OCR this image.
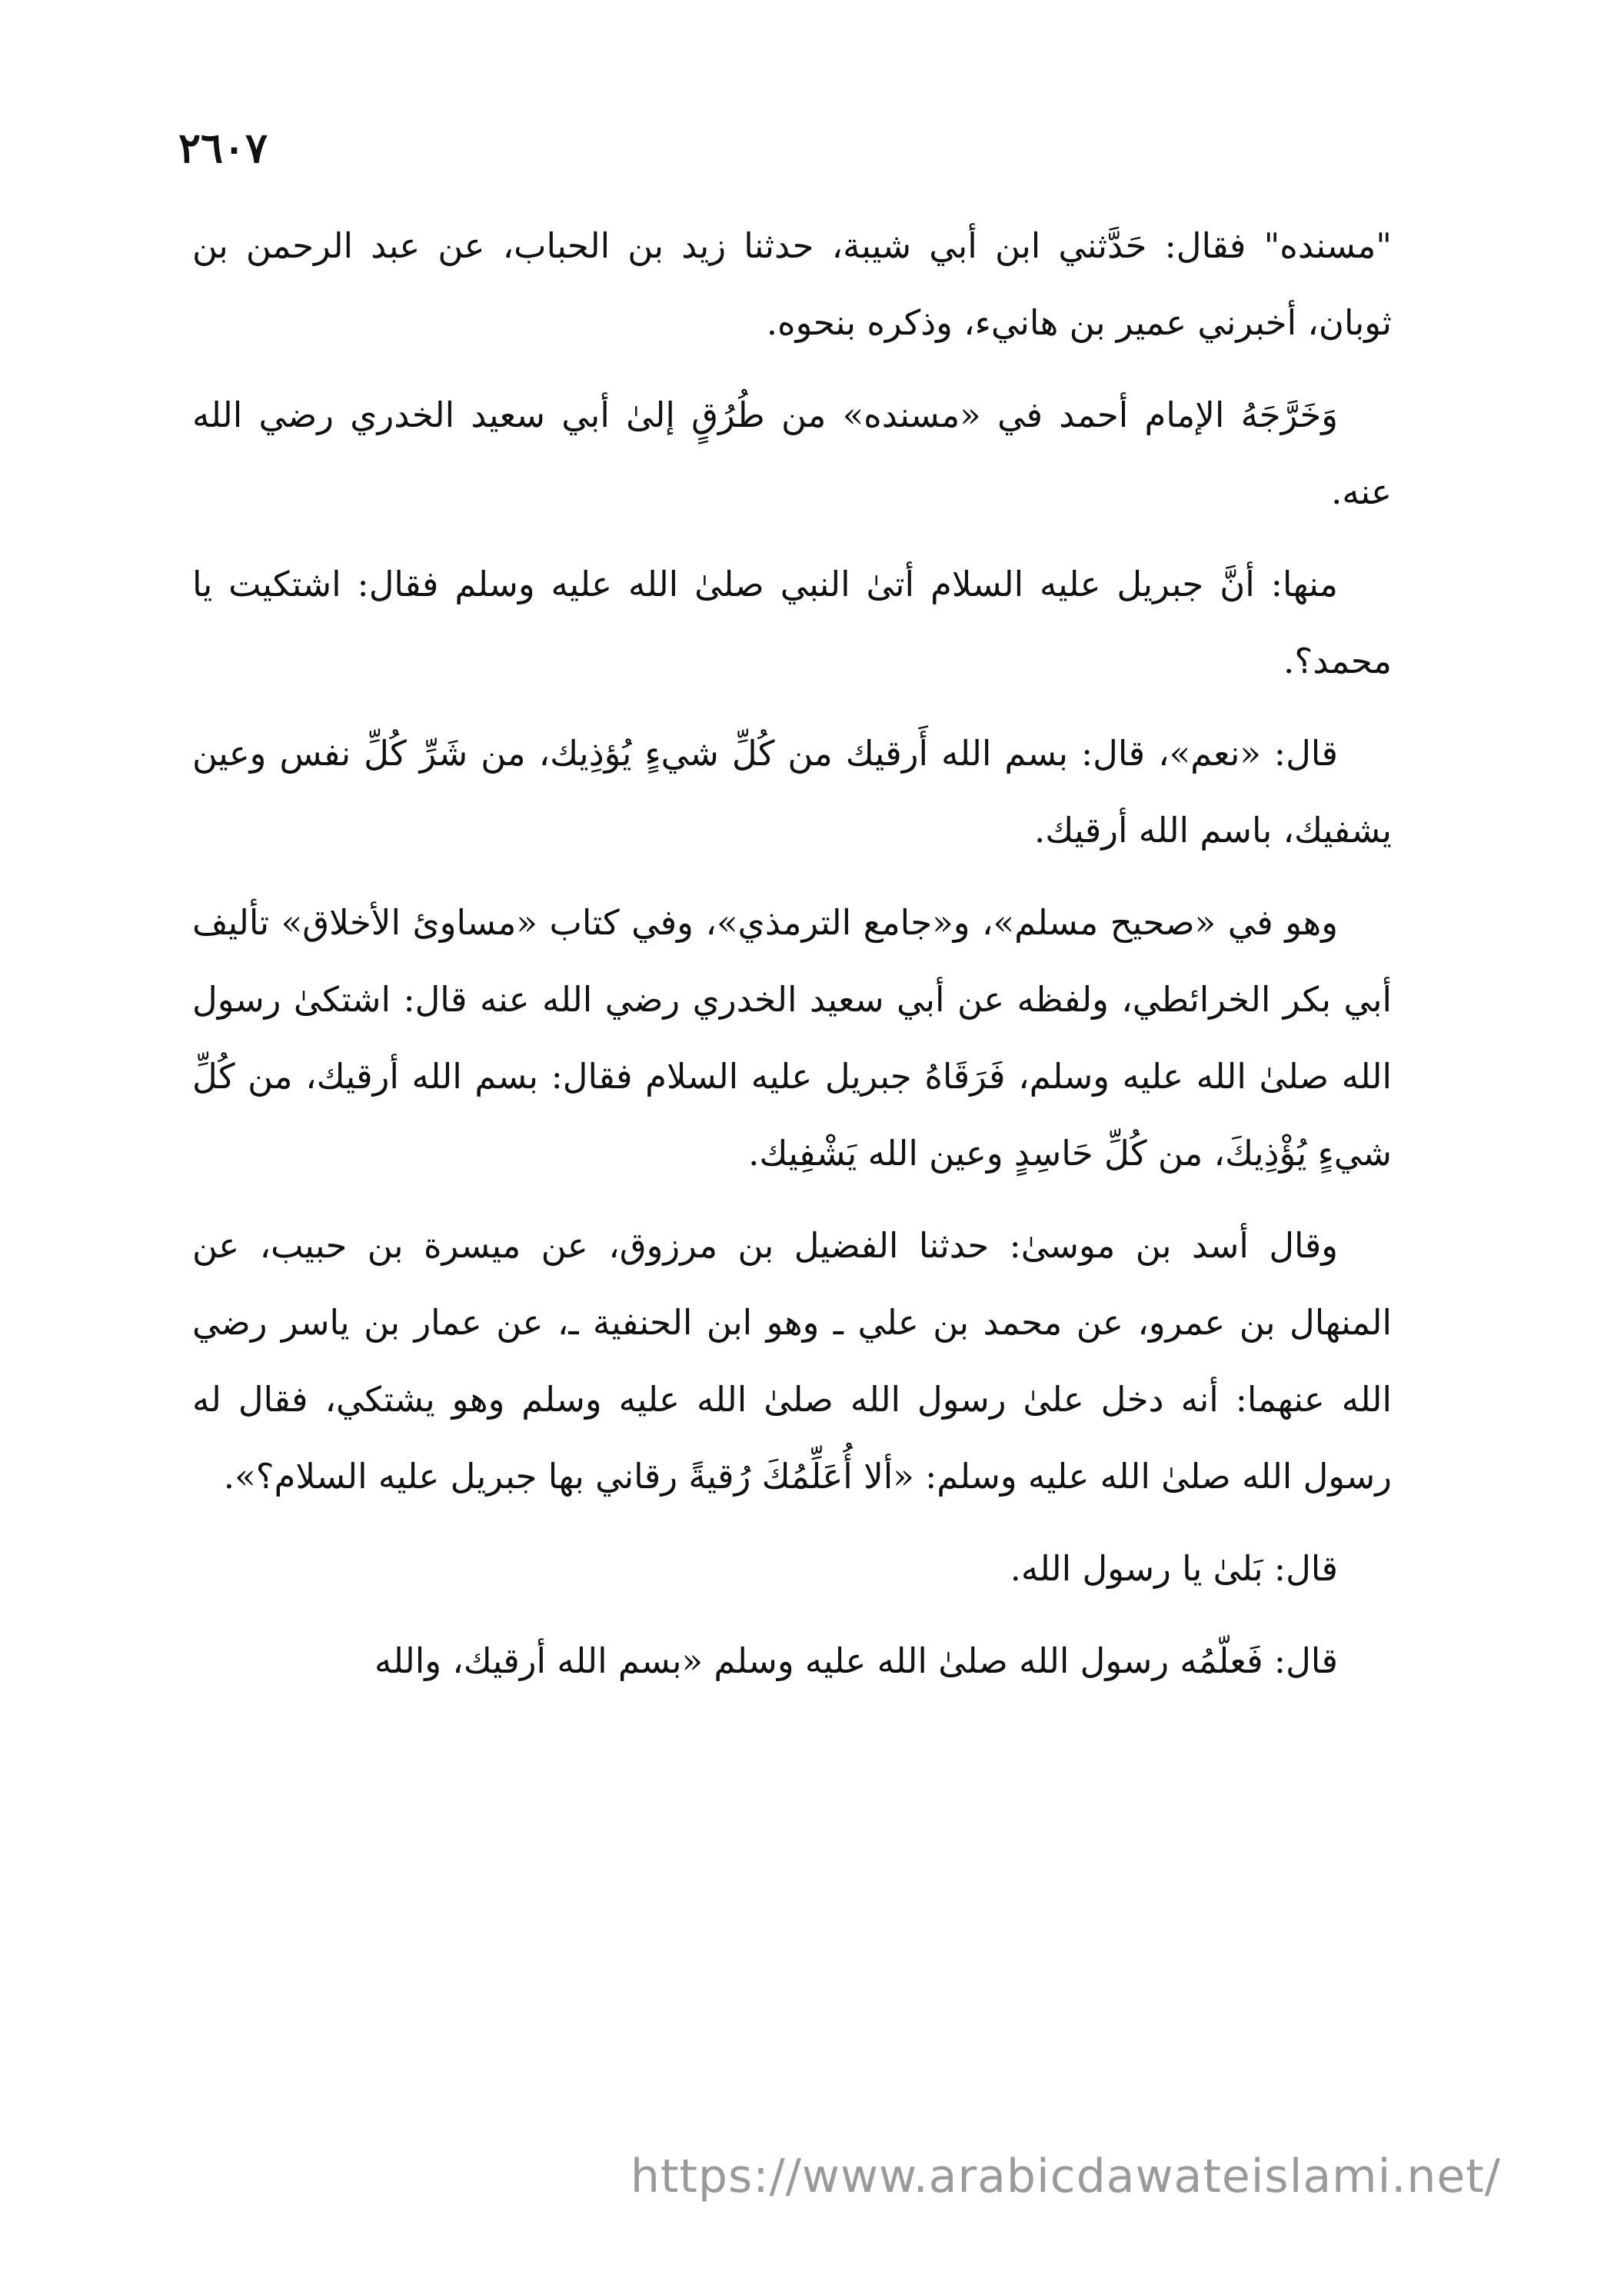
٢٦٠٧

"مسنده" فقال: حَدَّثني ابن أبي شيبة، حدثنا زيد بن الحباب، عن عبد الرحمن بن ثوبان، أخبرني عمير بن هانيء، وذكره بنحوه.

وَخَرَّجَهُ الإمام أحمد في «مسنده» من طُرُقٍ إلىٰ أبي سعيد الخدري رضي الله عنه.

منها: أنَّ جبريل عليه السلام أتىٰ النبي صلىٰ الله عليه وسلم فقال: اشتكيت يا محمد؟.

قال: «نعم»، قال: بسم الله أَرقيك من كُلِّ شيءٍ يُؤذِيك، من شَرِّ كُلِّ نفس وعين يشفيك، باسم الله أرقيك.

وهو في «صحيح مسلم»، و«جامع الترمذي»، وفي كتاب «مساوئ الأخلاق» تأليف أبي بكر الخرائطي، ولفظه عن أبي سعيد الخدري رضي الله عنه قال: اشتكىٰ رسول الله صلىٰ الله عليه وسلم، فَرَقَاهُ جبريل عليه السلام فقال: بسم الله أرقيك، من كُلِّ شيءٍ يُؤْذِيكَ، من كُلِّ حَاسِدٍ وعين الله يَشْفِيك.

وقال أسد بن موسىٰ: حدثنا الفضيل بن مرزوق، عن ميسرة بن حبيب، عن المنهال بن عمرو، عن محمد بن علي ـ وهو ابن الحنفية ـ، عن عمار بن ياسر رضي الله عنهما: أنه دخل علىٰ رسول الله صلىٰ الله عليه وسلم وهو يشتكي، فقال له رسول الله صلىٰ الله عليه وسلم: «ألا أُعَلِّمُكَ رُقيةً رقاني بها جبريل عليه السلام؟».

قال: بَلىٰ يا رسول الله.

قال: فَعلّمُه رسول الله صلىٰ الله عليه وسلم «بسم الله أرقيك، والله

https://www.arabicdawateislami.net/
